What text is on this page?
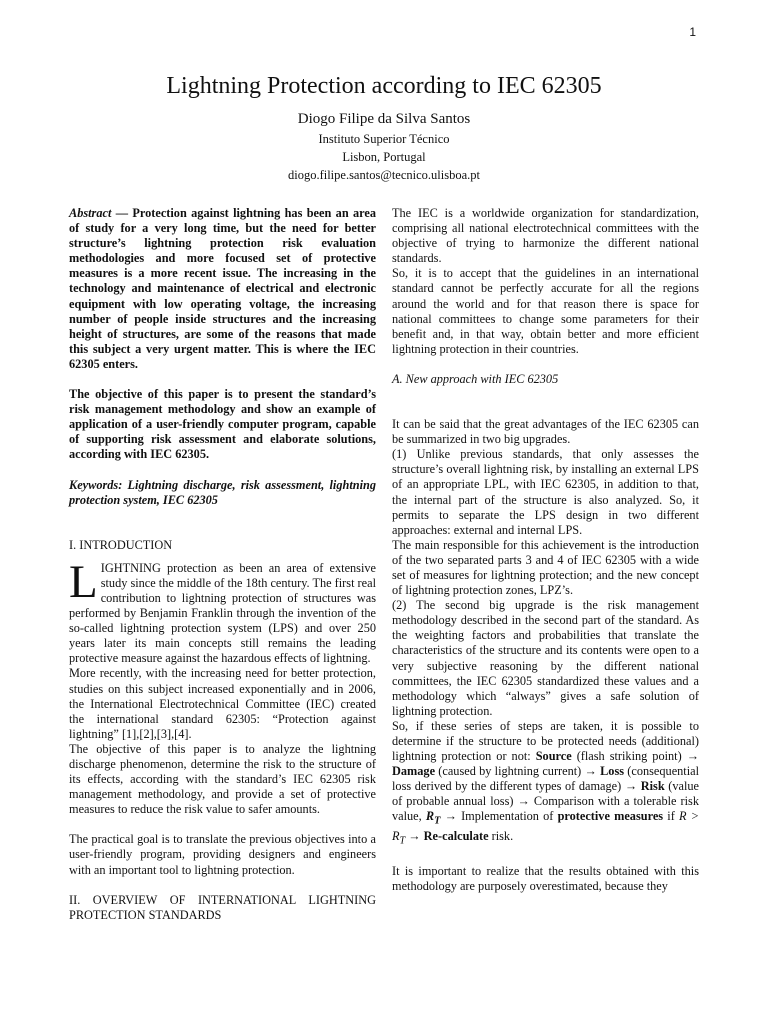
1
Lightning Protection according to IEC 62305
Diogo Filipe da Silva Santos
Instituto Superior Técnico
Lisbon, Portugal
diogo.filipe.santos@tecnico.ulisboa.pt

Abstract — Protection against lightning has been an area of study for a very long time, but the need for better structure’s lightning protection risk evaluation methodologies and more focused set of protective measures is a more recent issue. The increasing in the technology and maintenance of electrical and electronic equipment with low operating voltage, the increasing number of people inside structures and the increasing height of structures, are some of the reasons that made this subject a very urgent matter. This is where the IEC 62305 enters.

The objective of this paper is to present the standard’s risk management methodology and show an example of application of a user-friendly computer program, capable of supporting risk assessment and elaborate solutions, according with IEC 62305.

Keywords: Lightning discharge, risk assessment, lightning protection system, IEC 62305

I. INTRODUCTION

LIGHTNING protection as been an area of extensive study since the middle of the 18th century. The first real contribution to lightning protection of structures was performed by Benjamin Franklin through the invention of the so-called lightning protection system (LPS) and over 250 years later its main concepts still remains the leading protective measure against the hazardous effects of lightning.

More recently, with the increasing need for better protection, studies on this subject increased exponentially and in 2006, the International Electrotechnical Committee (IEC) created the international standard 62305: “Protection against lightning” [1],[2],[3],[4].

The objective of this paper is to analyze the lightning discharge phenomenon, determine the risk to the structure of its effects, according with the standard’s IEC 62305 risk management methodology, and provide a set of protective measures to reduce the risk value to safer amounts.

The practical goal is to translate the previous objectives into a user-friendly program, providing designers and engineers with an important tool to lightning protection.

II. OVERVIEW OF INTERNATIONAL LIGHTNING PROTECTION STANDARDS

The IEC is a worldwide organization for standardization, comprising all national electrotechnical committees with the objective of trying to harmonize the different national standards.

So, it is to accept that the guidelines in an international standard cannot be perfectly accurate for all the regions around the world and for that reason there is space for national committees to change some parameters for their benefit and, in that way, obtain better and more efficient lightning protection in their countries.

A. New approach with IEC 62305

It can be said that the great advantages of the IEC 62305 can be summarized in two big upgrades.

(1) Unlike previous standards, that only assesses the structure’s overall lightning risk, by installing an external LPS of an appropriate LPL, with IEC 62305, in addition to that, the internal part of the structure is also analyzed. So, it permits to separate the LPS design in two different approaches: external and internal LPS.

The main responsible for this achievement is the introduction of the two separated parts 3 and 4 of IEC 62305 with a wide set of measures for lightning protection; and the new concept of lightning protection zones, LPZ’s.

(2) The second big upgrade is the risk management methodology described in the second part of the standard. As the weighting factors and probabilities that translate the characteristics of the structure and its contents were open to a very subjective reasoning by the different national committees, the IEC 62305 standardized these values and a methodology which “always” gives a safe solution of lightning protection.

So, if these series of steps are taken, it is possible to determine if the structure to be protected needs (additional) lightning protection or not: Source (flash striking point) → Damage (caused by lightning current) → Loss (consequential loss derived by the different types of damage) → Risk (value of probable annual loss) → Comparison with a tolerable risk value, $R_T$ → Implementation of protective measures if $R > R_T$ → Re-calculate risk.

It is important to realize that the results obtained with this methodology are purposely overestimated, because they
